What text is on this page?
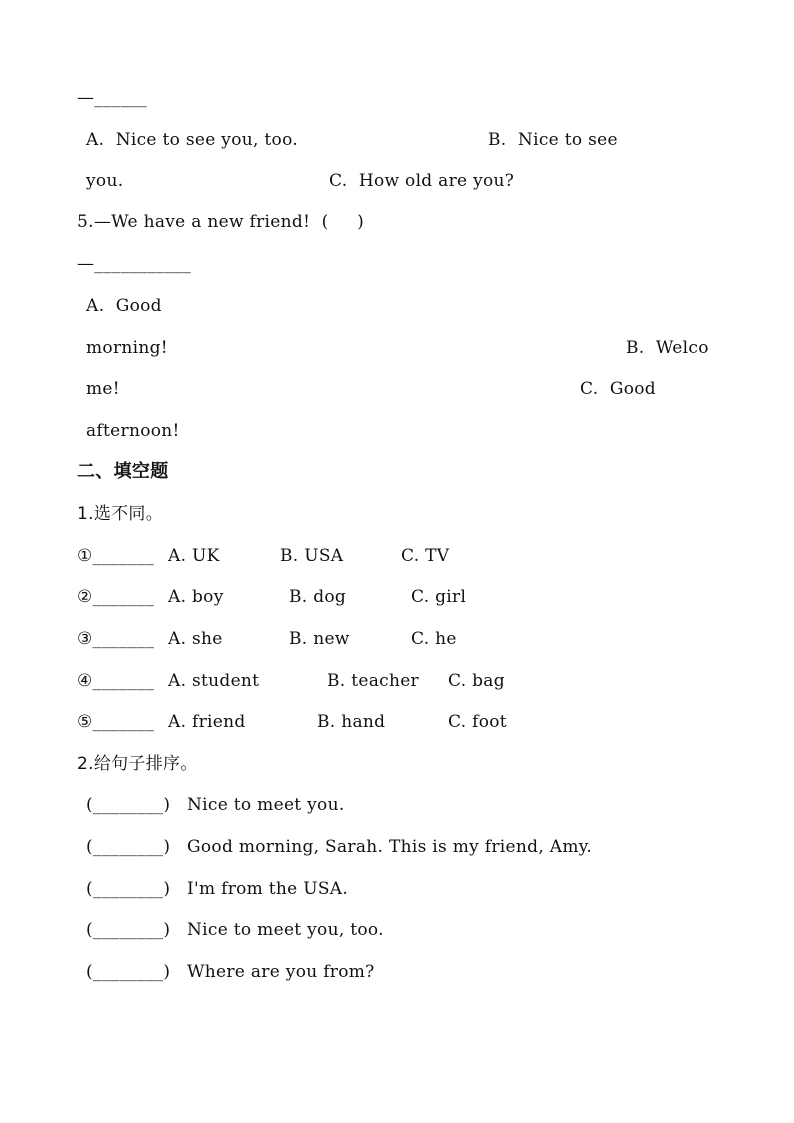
—______
A.  Nice to see you, too.	B.  Nice to see
you.	C.  How old are you?
5.—We have a new friend!  (     )
—___________
A.  Good
morning!	B.  Welco
me!	C.  Good
afternoon!
二、填空题
1.选不同。
①_______ A. UK	B. USA	C. TV
②_______ A. boy	B. dog	C. girl
③_______ A. she	B. new	C. he
④_______ A. student	B. teacher C. bag
⑤_______ A. friend	B. hand	C. foot
2.给句子排序。
(________) Nice to meet you.
(________) Good morning, Sarah. This is my friend, Amy.
(________) I'm from the USA.
(________) Nice to meet you, too.
(________) Where are you from?
